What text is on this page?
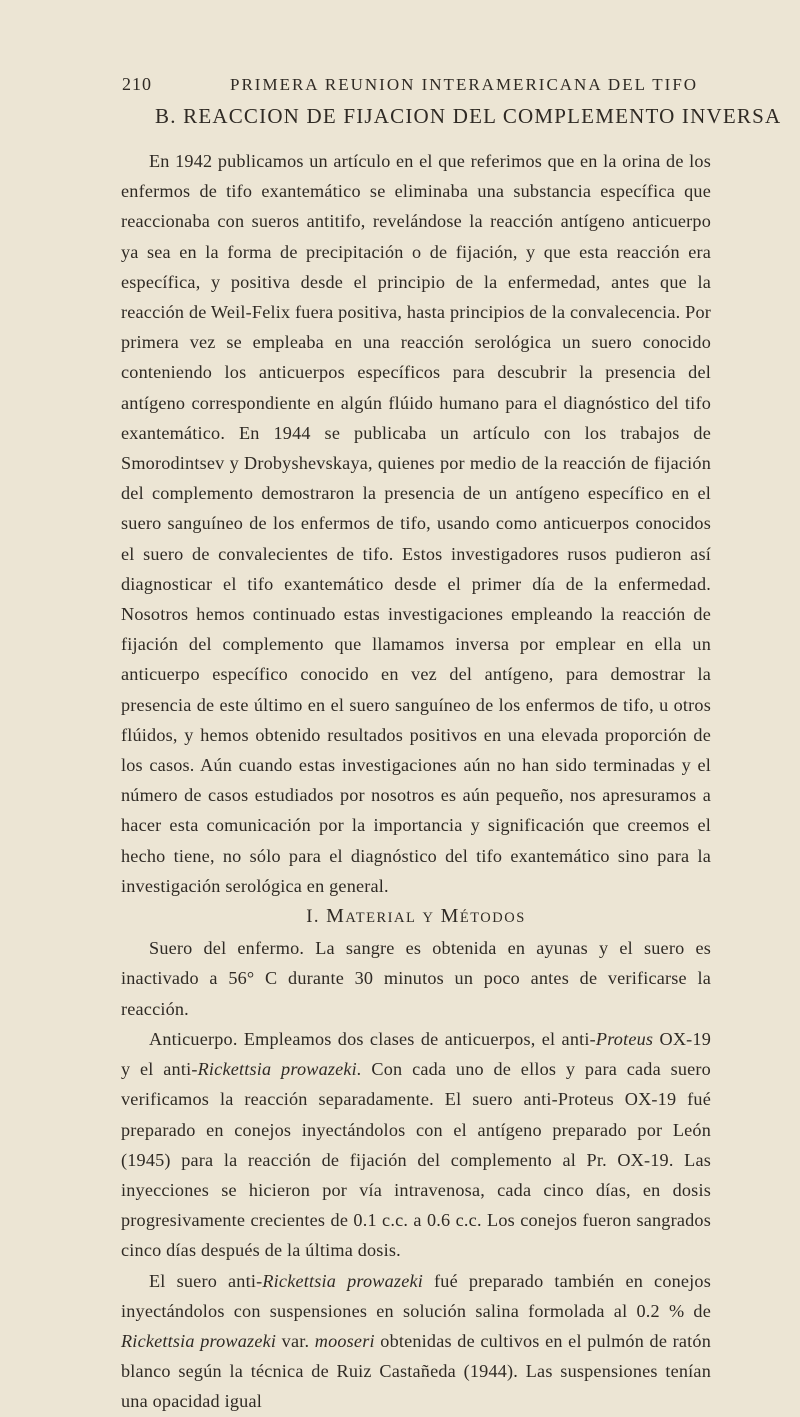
210	PRIMERA REUNION INTERAMERICANA DEL TIFO
B. REACCION DE FIJACION DEL COMPLEMENTO INVERSA

En 1942 publicamos un artículo en el que referimos que en la orina de los enfermos de tifo exantemático se eliminaba una substancia específica que reaccionaba con sueros antitifo, revelándose la reacción antígeno anticuerpo ya sea en la forma de precipitación o de fijación, y que esta reacción era específica, y positiva desde el principio de la enfermedad, antes que la reacción de Weil-Felix fuera positiva, hasta principios de la convalecencia. Por primera vez se empleaba en una reacción serológica un suero conocido conteniendo los anticuerpos específicos para descubrir la presencia del antígeno correspondiente en algún flúido humano para el diagnóstico del tifo exantemático. En 1944 se publicaba un artículo con los trabajos de Smorodintsev y Drobyshevskaya, quienes por medio de la reacción de fijación del complemento demostraron la presencia de un antígeno específico en el suero sanguíneo de los enfermos de tifo, usando como anticuerpos conocidos el suero de convalecientes de tifo. Estos investigadores rusos pudieron así diagnosticar el tifo exantemático desde el primer día de la enfermedad. Nosotros hemos continuado estas investigaciones empleando la reacción de fijación del complemento que llamamos inversa por emplear en ella un anticuerpo específico conocido en vez del antígeno, para demostrar la presencia de este último en el suero sanguíneo de los enfermos de tifo, u otros flúidos, y hemos obtenido resultados positivos en una elevada proporción de los casos. Aún cuando estas investigaciones aún no han sido terminadas y el número de casos estudiados por nosotros es aún pequeño, nos apresuramos a hacer esta comunicación por la importancia y significación que creemos el hecho tiene, no sólo para el diagnóstico del tifo exantemático sino para la investigación serológica en general.

I. MATERIAL Y MÉTODOS

Suero del enfermo. La sangre es obtenida en ayunas y el suero es inactivado a 56° C durante 30 minutos un poco antes de verificarse la reacción.

Anticuerpo. Empleamos dos clases de anticuerpos, el anti-Proteus OX-19 y el anti-Rickettsia prowazeki. Con cada uno de ellos y para cada suero verificamos la reacción separadamente. El suero anti-Proteus OX-19 fué preparado en conejos inyectándolos con el antígeno preparado por León (1945) para la reacción de fijación del complemento al Pr. OX-19. Las inyecciones se hicieron por vía intravenosa, cada cinco días, en dosis progresivamente crecientes de 0.1 c.c. a 0.6 c.c. Los conejos fueron sangrados cinco días después de la última dosis.

El suero anti-Rickettsia prowazeki fué preparado también en conejos inyectándolos con suspensiones en solución salina formolada al 0.2 % de Rickettsia prowazeki var. mooseri obtenidas de cultivos en el pulmón de ratón blanco según la técnica de Ruiz Castañeda (1944). Las suspensiones tenían una opacidad igual
